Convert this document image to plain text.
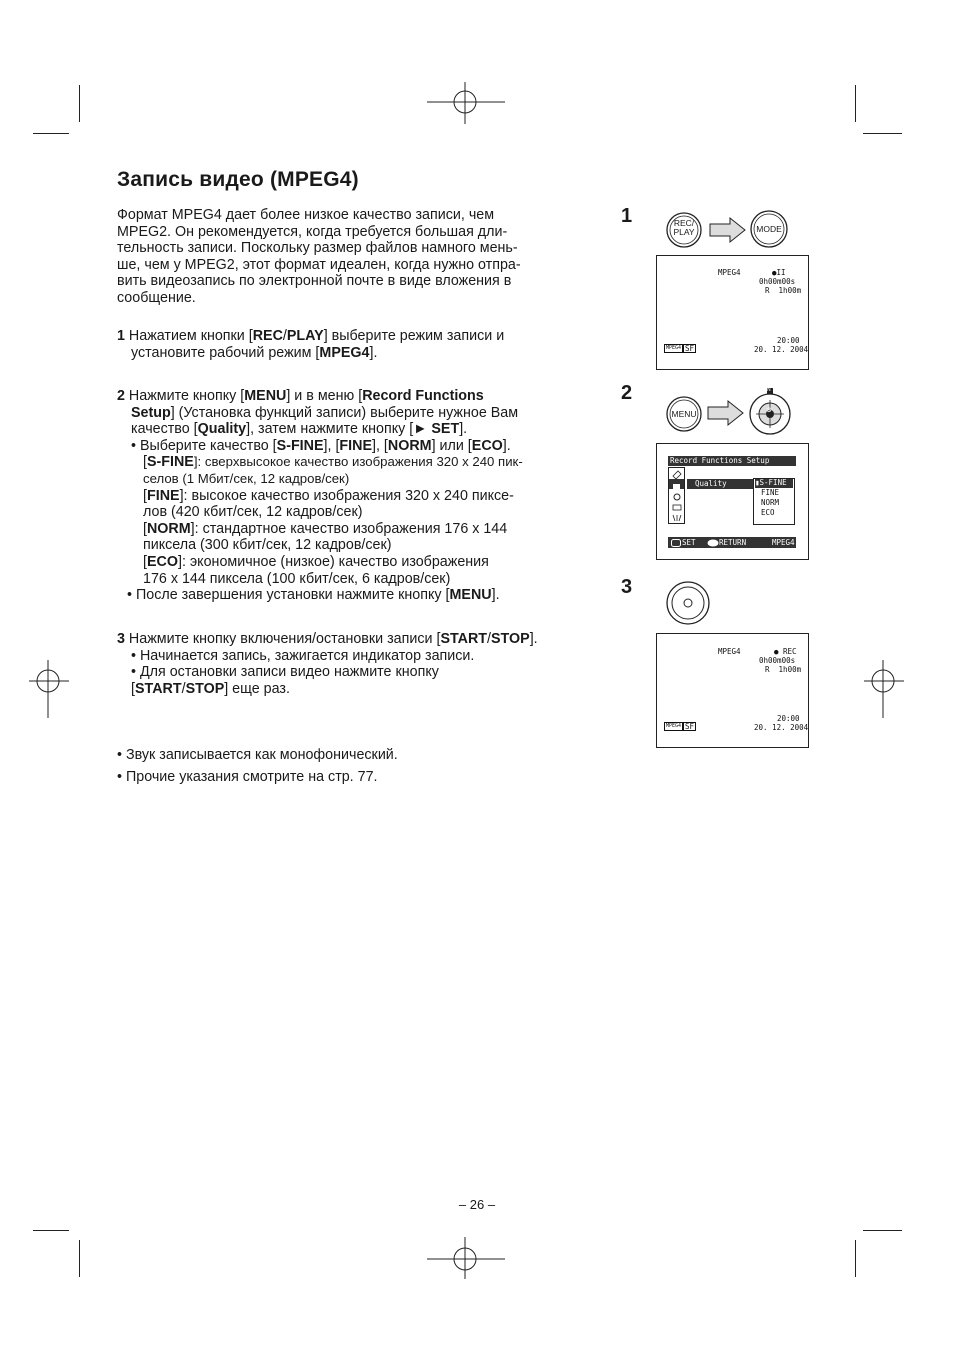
Запись видео (MPEG4)
Формат MPEG4 дает более низкое качество записи, чем
MPEG2. Он рекомендуется, когда требуется большая дли-
тельность записи. Поскольку размер файлов намного мень-
ше, чем у MPEG2, этот формат идеален, когда нужно отпра-
вить видеозапись по электронной почте в виде вложения в
сообщение.
1 Нажатием кнопки [REC/PLAY] выберите режим записи и
установите рабочий режим [MPEG4].
2 Нажмите кнопку [MENU] и в меню [Record Functions
Setup] (Установка функций записи) выберите нужное Вам
качество [Quality], затем нажмите кнопку [► SET].
• Выберите качество [S-FINE], [FINE], [NORM] или [ECO].
[S-FINE]: сверхвысокое качество изображения 320 x 240 пик-
селов (1 Мбит/сек, 12 кадров/сек)
[FINE]: высокое качество изображения 320 x 240 пиксе-
лов (420 кбит/сек, 12 кадров/сек)
[NORM]: стандартное качество изображения 176 x 144
пиксела (300 кбит/сек, 12 кадров/сек)
[ECO]: экономичное (низкое) качество изображения
176 x 144 пиксела (100 кбит/сек, 6 кадров/сек)
• После завершения установки нажмите кнопку [MENU].
3 Нажмите кнопку включения/остановки записи [START/STOP].
• Начинается запись, зажигается индикатор записи.
• Для остановки записи видео нажмите кнопку
[START/STOP] еще раз.
• Звук записывается как монофонический.
• Прочие указания смотрите на стр. 77.
1	REC/
PLAY	MODE
MPEG4	●II
0h00m00s
R  1h00m
20:00
20. 12. 2004
MPEG4 SF
2
MENU
N
S
Record Functions Setup
Quality	▮S-FINE
FINE
NORM
ECO
SET	RETURN	MPEG4
3
MPEG4	● REC
0h00m00s
R  1h00m
20:00
20. 12. 2004
MPEG4 SF
– 26 –
